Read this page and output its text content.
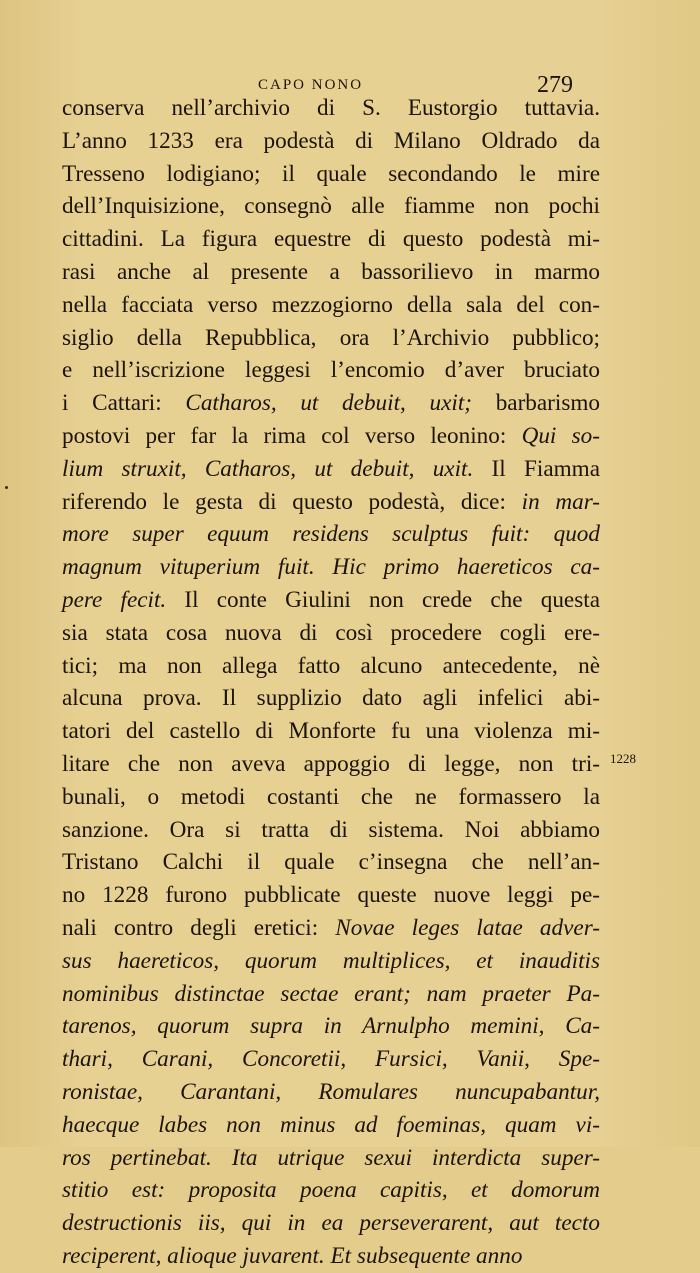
CAPO NONO	279
conserva nell’archivio di S. Eustorgio tuttavia.
L’anno 1233 era podestà di Milano Oldrado da
Tresseno lodigiano; il quale secondando le mire
dell’Inquisizione, consegnò alle fiamme non pochi
cittadini. La figura equestre di questo podestà mi-
rasi anche al presente a bassorilievo in marmo
nella facciata verso mezzogiorno della sala del con-
siglio della Repubblica, ora l’Archivio pubblico;
e nell’iscrizione leggesi l’encomio d’aver bruciato
i Cattari: Catharos, ut debuit, uxit; barbarismo
postovi per far la rima col verso leonino: Qui so-
lium struxit, Catharos, ut debuit, uxit. Il Fiamma
riferendo le gesta di questo podestà, dice: in mar-
more super equum residens sculptus fuit: quod
magnum vituperium fuit. Hic primo haereticos ca-
pere fecit. Il conte Giulini non crede che questa
sia stata cosa nuova di così procedere cogli ere-
tici; ma non allega fatto alcuno antecedente, nè
alcuna prova. Il supplizio dato agli infelici abi-
tatori del castello di Monforte fu una violenza mi-
litare che non aveva appoggio di legge, non tri-
bunali, o metodi costanti che ne formassero la
sanzione. Ora si tratta di sistema. Noi abbiamo
Tristano Calchi il quale c’insegna che nell’an-
no 1228 furono pubblicate queste nuove leggi pe-
nali contro degli eretici: Novae leges latae adver-
sus haereticos, quorum multiplices, et inauditis
nominibus distinctae sectae erant; nam praeter Pa-
tarenos, quorum supra in Arnulpho memini, Ca-
thari, Carani, Concoretii, Fursici, Vanii, Spe-
ronistae, Carantani, Romulares nuncupabantur,
haecque labes non minus ad foeminas, quam vi-
ros pertinebat. Ita utrique sexui interdicta super-
stitio est: proposita poena capitis, et domorum
destructionis iis, qui in ea perseverarent, aut tecto
reciperent, alioque juvarent. Et subsequente anno
1228
